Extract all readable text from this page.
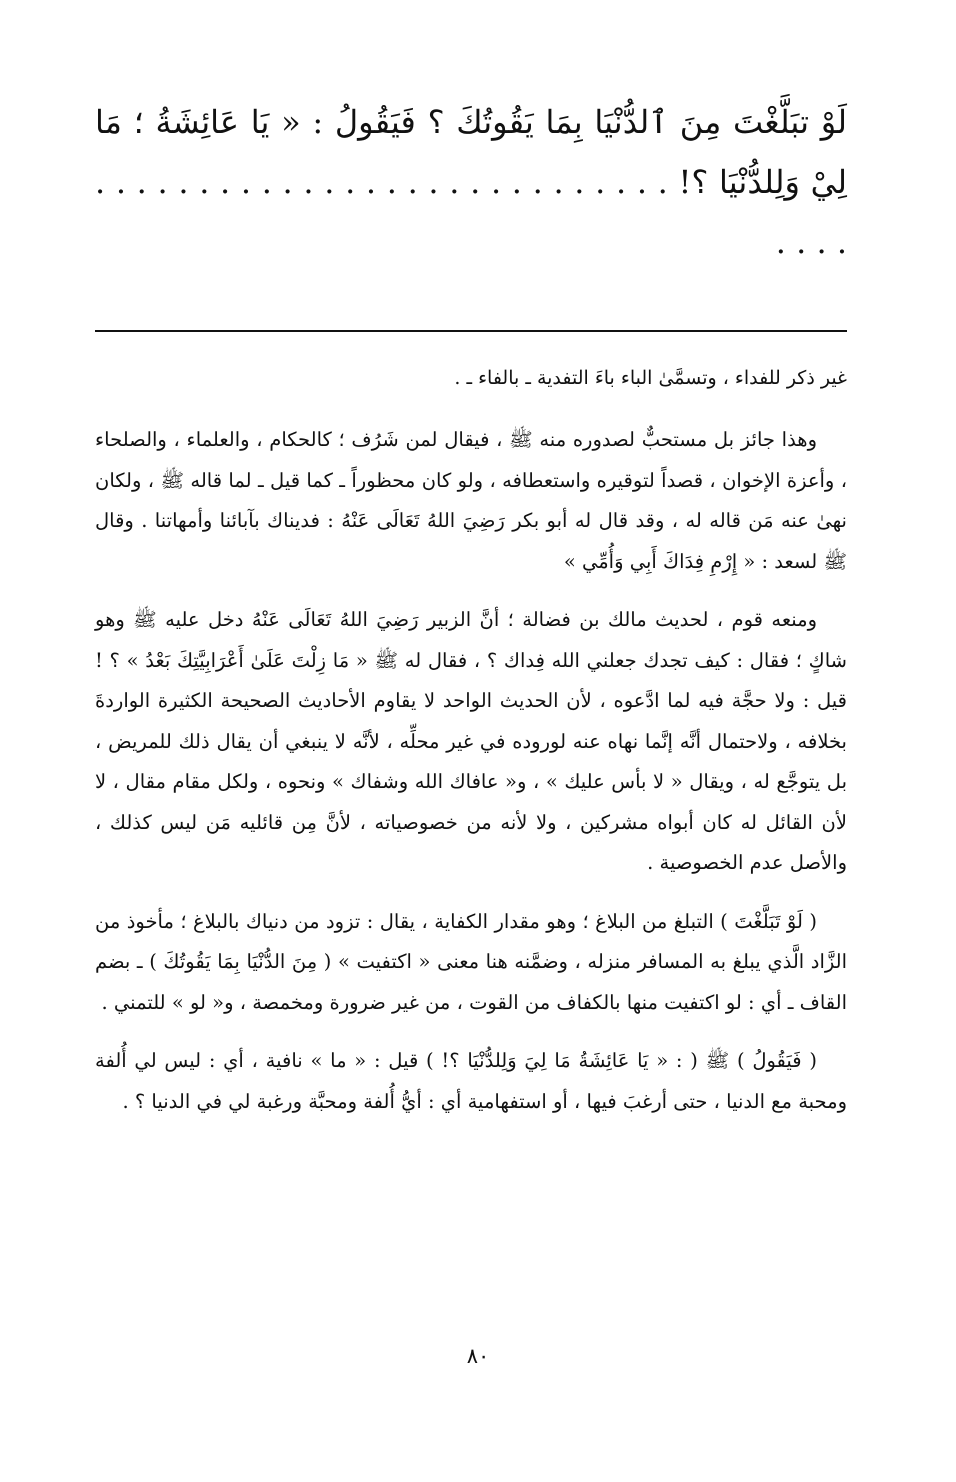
لَوْ تبَلَّغْتَ مِنَ ٱلدُّنْيَا بِمَا يَقُوتُكَ ؟ فَيَقُولُ : « يَا عَائِشَةُ ؛ مَا لِيْ وَلِلدُّنْيَا ؟! . . . . . . . . . . . . . . . . . . . . . . . . . . . . . . . .

غير ذكر للفداء ، وتسمَّىٰ الباء باءَ التفدية ـ بالفاء ـ .

وهذا جائز بل مستحبٌّ لصدوره منه ﷺ ، فيقال لمن شَرُف ؛ كالحكام ، والعلماء ، والصلحاء ، وأعزة الإخوان ، قصداً لتوقيره واستعطافه ، ولو كان محظوراً ـ كما قيل ـ لما قاله ﷺ ، ولكان نهىٰ عنه مَن قاله له ، وقد قال له أبو بكر رَضِيَ اللهُ تَعَالَى عَنْهُ : فديناك بآبائنا وأمهاتنا . وقال ﷺ لسعد : « إِرْمِ فِدَاكَ أَبِي وَأُمِّي »

ومنعه قوم ، لحديث مالك بن فضالة ؛ أنَّ الزبير رَضِيَ اللهُ تَعَالَى عَنْهُ دخل عليه ﷺ وهو شاكٍ ؛ فقال : كيف تجدك جعلني الله فِداك ؟ ، فقال له ﷺ « مَا زِلْتَ عَلَىٰ أَعْرَابِيَّتِكَ بَعْدُ » ؟ ! قيل : ولا حجَّة فيه لما ادَّعوه ، لأن الحديث الواحد لا يقاوم الأحاديث الصحيحة الكثيرة الواردةَ بخلافه ، ولاحتمال أنَّه إنَّما نهاه عنه لوروده في غير محلِّه ، لأنَّه لا ينبغي أن يقال ذلك للمريض ، بل يتوجَّع له ، ويقال « لا بأس عليك » ، و« عافاك الله وشفاك » ونحوه ، ولكل مقام مقال ، لا لأن القائل له كان أبواه مشركين ، ولا لأنه من خصوصياته ، لأنَّ مِن قائليه مَن ليس كذلك ، والأصل عدم الخصوصية .

( لَوْ تَبَلَّغْتَ ) التبلغ من البلاغ ؛ وهو مقدار الكفاية ، يقال : تزود من دنياك بالبلاغ ؛ مأخوذ من الزَّاد الَّذي يبلغ به المسافر منزله ، وضمَّنه هنا معنى « اكتفيت » ( مِنَ الدُّنْيَا بِمَا يَقُوتُكَ ) ـ بضم القاف ـ أي : لو اكتفيت منها بالكفاف من القوت ، من غير ضرورة ومخمصة ، و« لو » للتمني .

( فَيَقُولُ ) ﷺ ( : « يَا عَائِشَةُ مَا لِيَ وَلِلدُّنْيَا ؟! ) قيل : « ما » نافية ، أي : ليس لي أُلفة ومحبة مع الدنيا ، حتى أرغبَ فيها ، أو استفهامية أي : أيُّ أُلفة ومحبَّة ورغبة لي في الدنيا ؟ .

٨٠
